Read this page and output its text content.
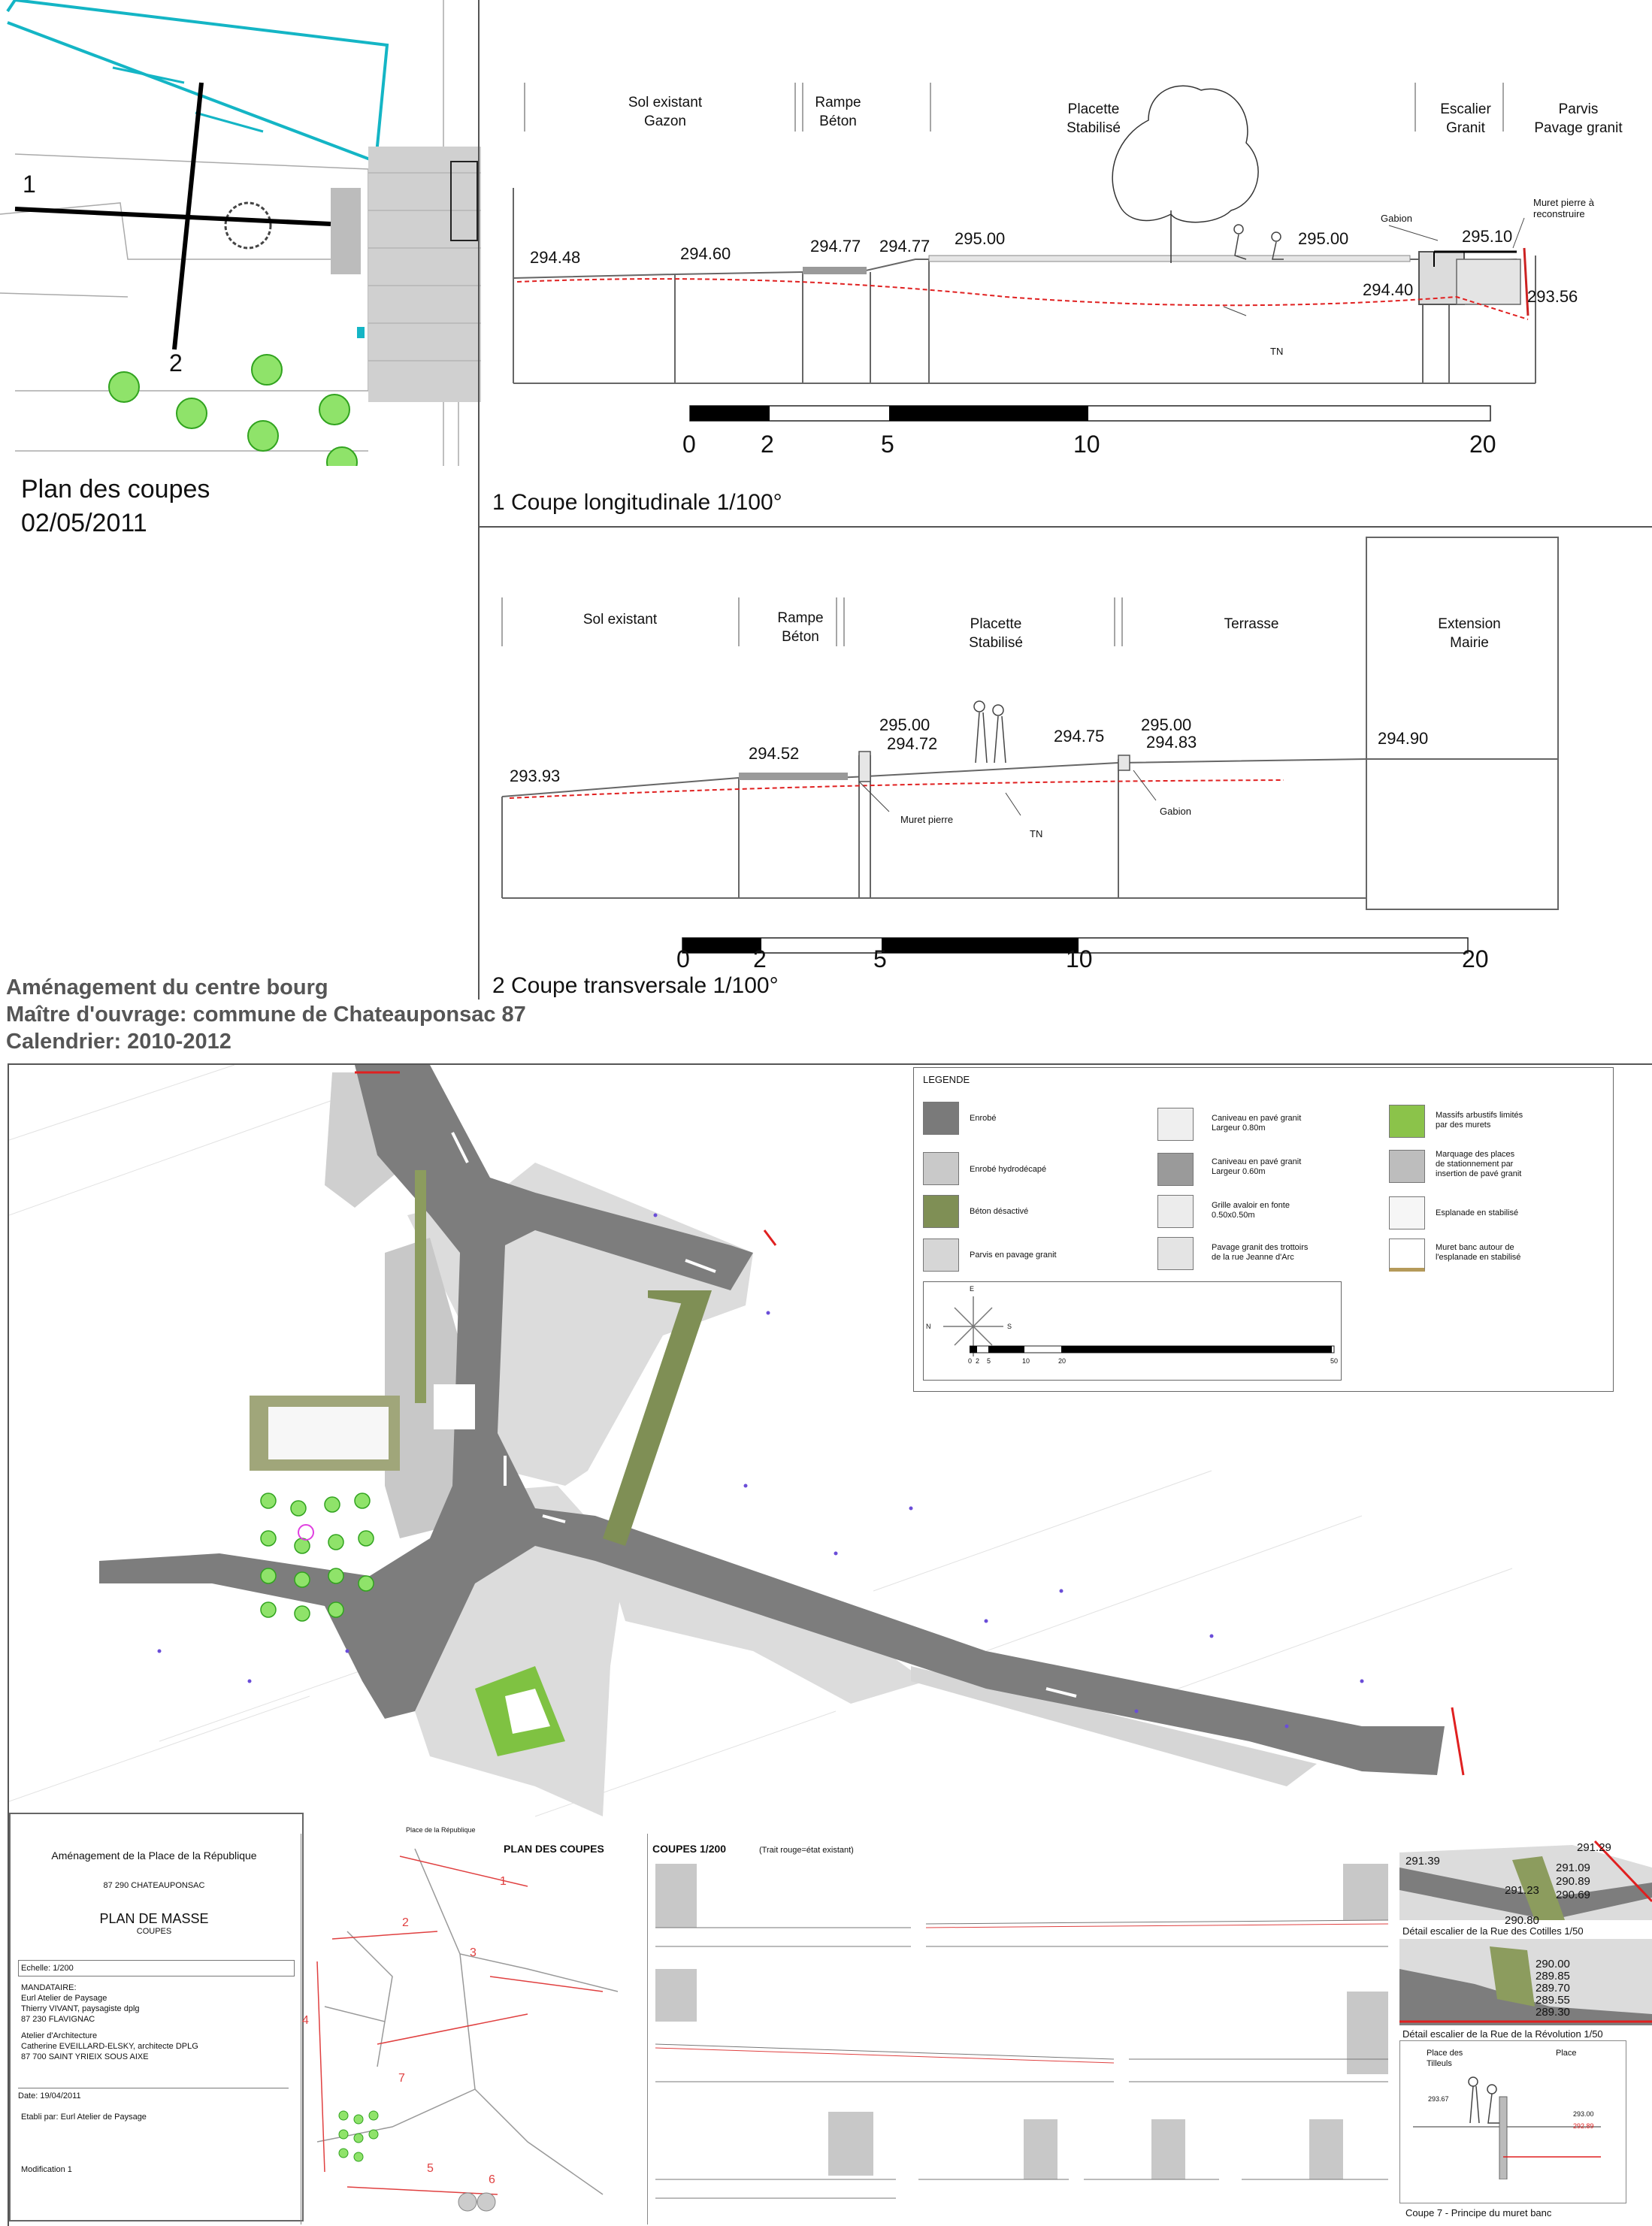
1
2
Plan des coupes
02/05/2011
Sol existant
Gazon
Rampe
Béton
Placette
Stabilisé
Escalier
Granit
Parvis
Pavage granit
294.48	294.60	294.77 294.77 295.00	295.00	295.10
294.40	293.56
Gabion
Muret pierre à
reconstruire
TN
0	2	5	10	20
1 Coupe longitudinale 1/100°
Sol existant	Rampe
Béton
Placette
Stabilisé
Terrasse	Extension
Mairie
293.93
294.52
295.00
294.72	294.75
295.00
294.83	294.90
Muret pierre
TN
Gabion
0	2	5	10	20
2 Coupe transversale 1/100°
Aménagement du centre bourg
Maître d'ouvrage: commune de Chateauponsac 87
Calendrier: 2010-2012
Place de la République
LEGENDE
Enrobé
Enrobé hydrodécapé
Béton désactivé
Parvis en pavage granit
Caniveau en pavé granit
Largeur 0.80m
Caniveau en pavé granit
Largeur 0.60m
Grille avaloir en fonte
0.50x0.50m
Pavage granit des trottoirs
de la rue Jeanne d'Arc
Massifs arbustifs limités
par des murets
Marquage des places
de stationnement par
insertion de pavé granit
Esplanade en stabilisé
Muret banc autour de
l'esplanade en stabilisé
N
E
S
0 2 5	10	20	50
Aménagement de la Place de la République
87 290 CHATEAUPONSAC
PLAN DE MASSE
COUPES
Echelle: 1/200
MANDATAIRE:
Eurl Atelier de Paysage
Thierry VIVANT, paysagiste dplg
87 230 FLAVIGNAC
Atelier d'Architecture
Catherine EVEILLARD-ELSKY, architecte DPLG
87 700 SAINT YRIEIX SOUS AIXE
Date: 19/04/2011
Etabli par: Eurl Atelier de Paysage
Modification 1
PLAN DES COUPES
1
2
3
4
5
6
7
COUPES 1/200	(Trait rouge=état existant)
291.39
291.29
291.09
290.89
291.23 290.69
290.80
Détail escalier de la Rue des Cotilles 1/50
290.00
289.85
289.70
289.55
289.30
Détail escalier de la Rue de la Révolution 1/50
Place des
Tilleuls
Place
293.67
293.00
292.89
Coupe 7 - Principe du muret banc
